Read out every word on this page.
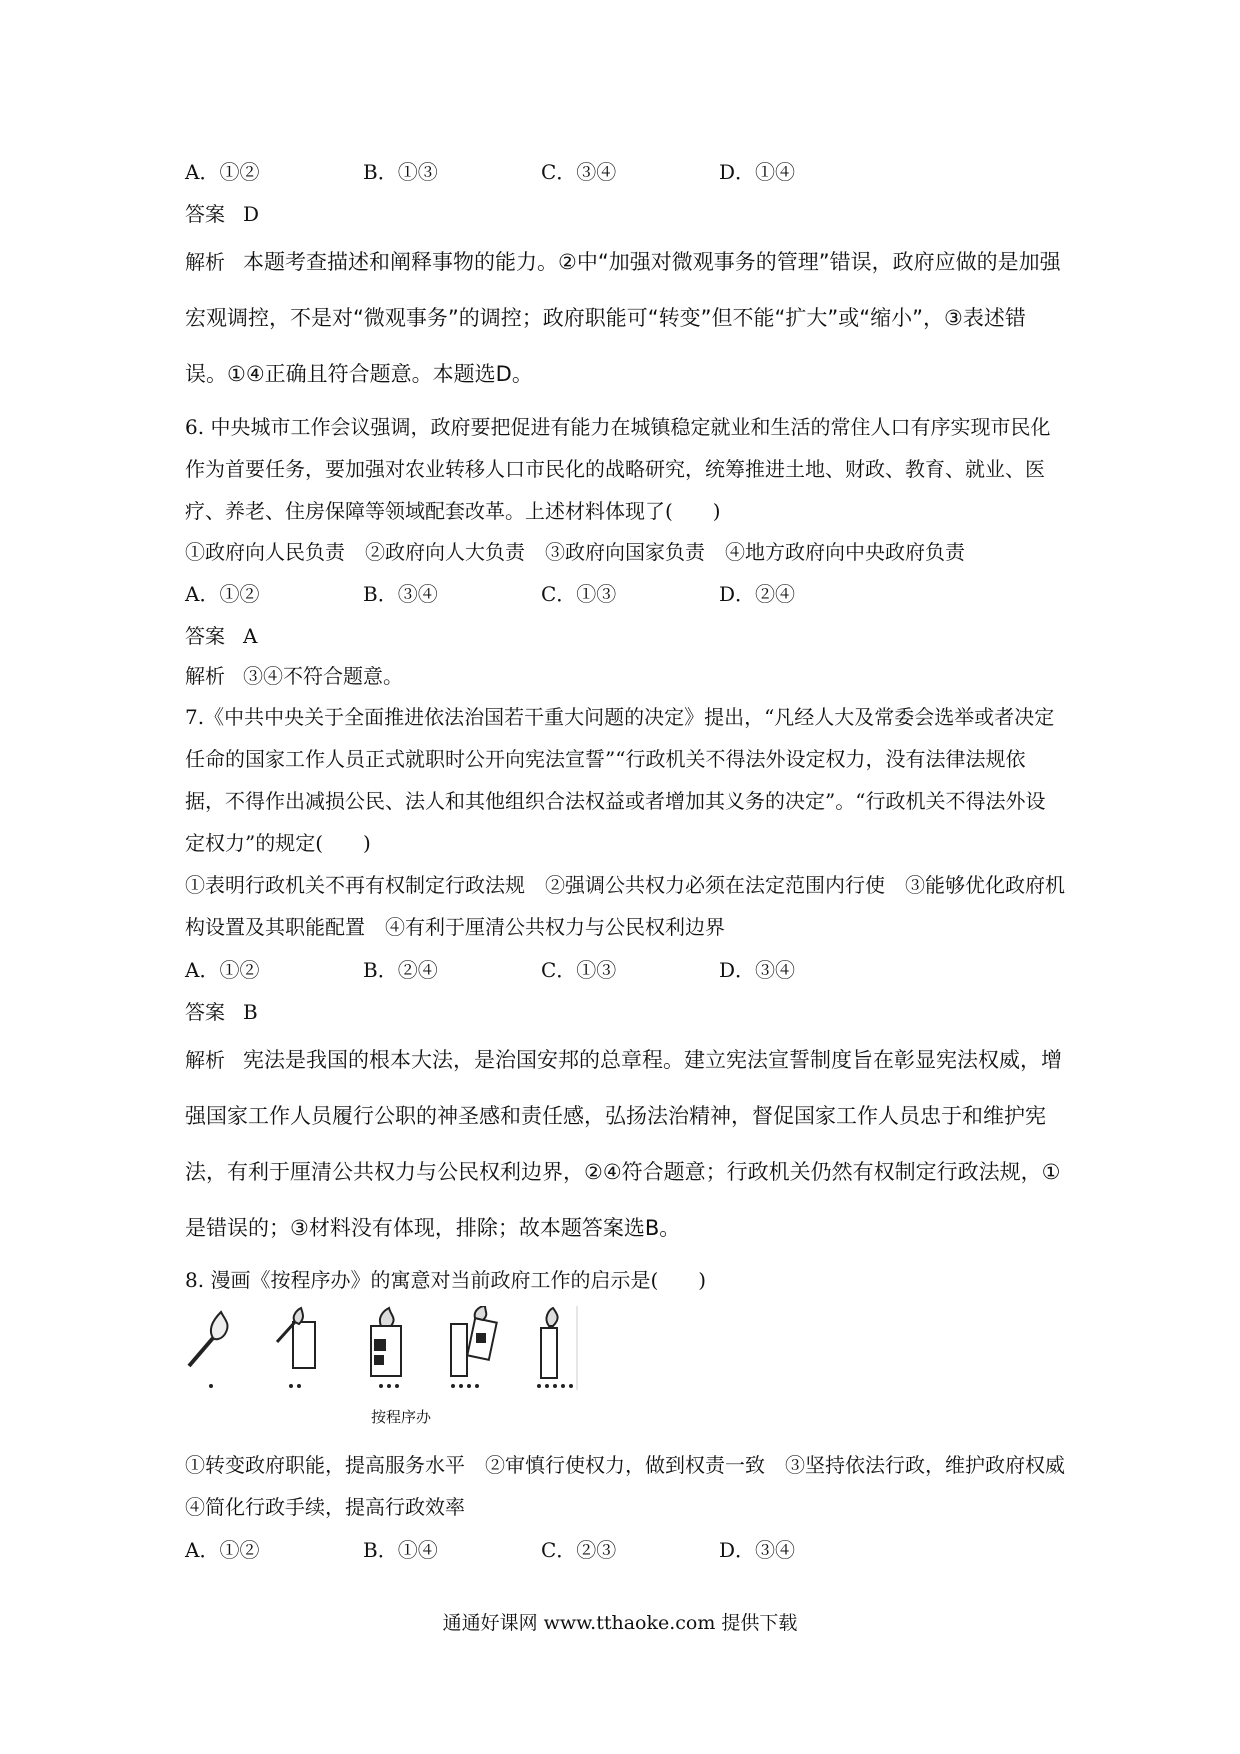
A．①②	B．①③	C．③④	D．①④
答案 D
解析 本题考查描述和阐释事物的能力。②中“加强对微观事务的管理”错误，政府应做的是加强宏观调控，不是对“微观事务”的调控；政府职能可“转变”但不能“扩大”或“缩小”，③表述错误。①④正确且符合题意。本题选D。
6. 中央城市工作会议强调，政府要把促进有能力在城镇稳定就业和生活的常住人口有序实现市民化作为首要任务，要加强对农业转移人口市民化的战略研究，统筹推进土地、财政、教育、就业、医疗、养老、住房保障等领域配套改革。上述材料体现了(　　)
①政府向人民负责　②政府向人大负责　③政府向国家负责　④地方政府向中央政府负责
A．①②	B．③④	C．①③	D．②④
答案 A
解析 ③④不符合题意。
7.《中共中央关于全面推进依法治国若干重大问题的决定》提出，“凡经人大及常委会选举或者决定任命的国家工作人员正式就职时公开向宪法宣誓”“行政机关不得法外设定权力，没有法律法规依据，不得作出减损公民、法人和其他组织合法权益或者增加其义务的决定”。“行政机关不得法外设定权力”的规定(　　)
①表明行政机关不再有权制定行政法规　②强调公共权力必须在法定范围内行使　③能够优化政府机构设置及其职能配置　④有利于厘清公共权力与公民权利边界
A．①②	B．②④	C．①③	D．③④
答案 B
解析 宪法是我国的根本大法，是治国安邦的总章程。建立宪法宣誓制度旨在彰显宪法权威，增强国家工作人员履行公职的神圣感和责任感，弘扬法治精神，督促国家工作人员忠于和维护宪法，有利于厘清公共权力与公民权利边界，②④符合题意；行政机关仍然有权制定行政法规，①是错误的；③材料没有体现，排除；故本题答案选B。
8. 漫画《按程序办》的寓意对当前政府工作的启示是(　　)
按程序办
①转变政府职能，提高服务水平　②审慎行使权力，做到权责一致　③坚持依法行政，维护政府权威　④简化行政手续，提高行政效率
A．①②	B．①④	C．②③	D．③④
通通好课网 www.tthaoke.com 提供下载
